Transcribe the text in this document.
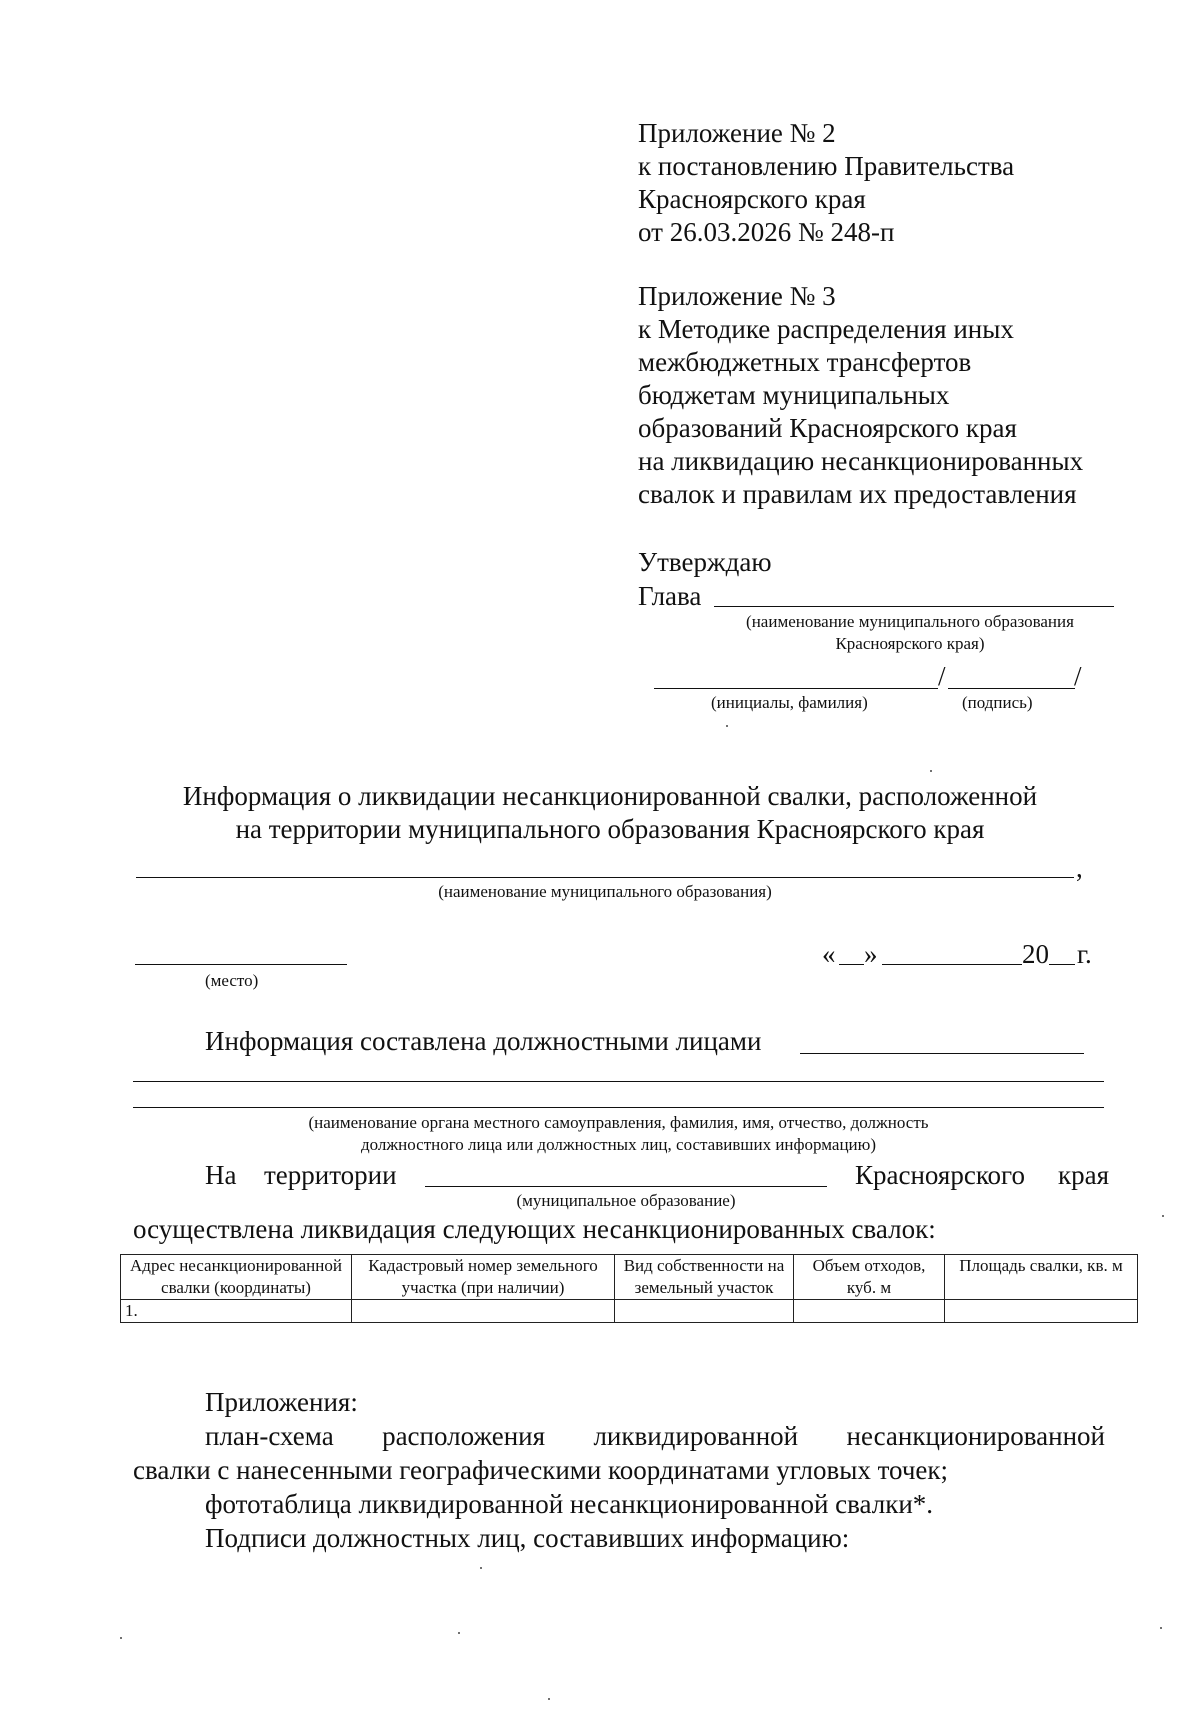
Приложение № 2
к постановлению Правительства
Красноярского края
от 26.03.2026 № 248-п
Приложение № 3
к Методике распределения иных
межбюджетных трансфертов
бюджетам муниципальных
образований Красноярского края
на ликвидацию несанкционированных
свалок и правилам их предоставления
Утверждаю
Глава
(наименование муниципального образования
Красноярского края)
/	/
(инициалы, фамилия)	(подпись)
Информация о ликвидации несанкционированной свалки, расположенной
на территории муниципального образования Красноярского края
,
(наименование муниципального образования)
(место)
« »	20 г.
Информация составлена должностными лицами
(наименование органа местного самоуправления, фамилия, имя, отчество, должность
должностного лица или должностных лиц, составивших информацию)
На территории	Красноярского края
(муниципальное образование)
осуществлена ликвидация следующих несанкционированных свалок:
Адрес несанкционированной свалки (координаты)	Кадастровый номер земельного участка (при наличии)	Вид собственности на земельный участок	Объем отходов, куб. м	Площадь свалки, кв. м
1.				
Приложения:
план-схема расположения ликвидированной несанкционированной
свалки с нанесенными географическими координатами угловых точек;
фототаблица ликвидированной несанкционированной свалки*.
Подписи должностных лиц, составивших информацию:
